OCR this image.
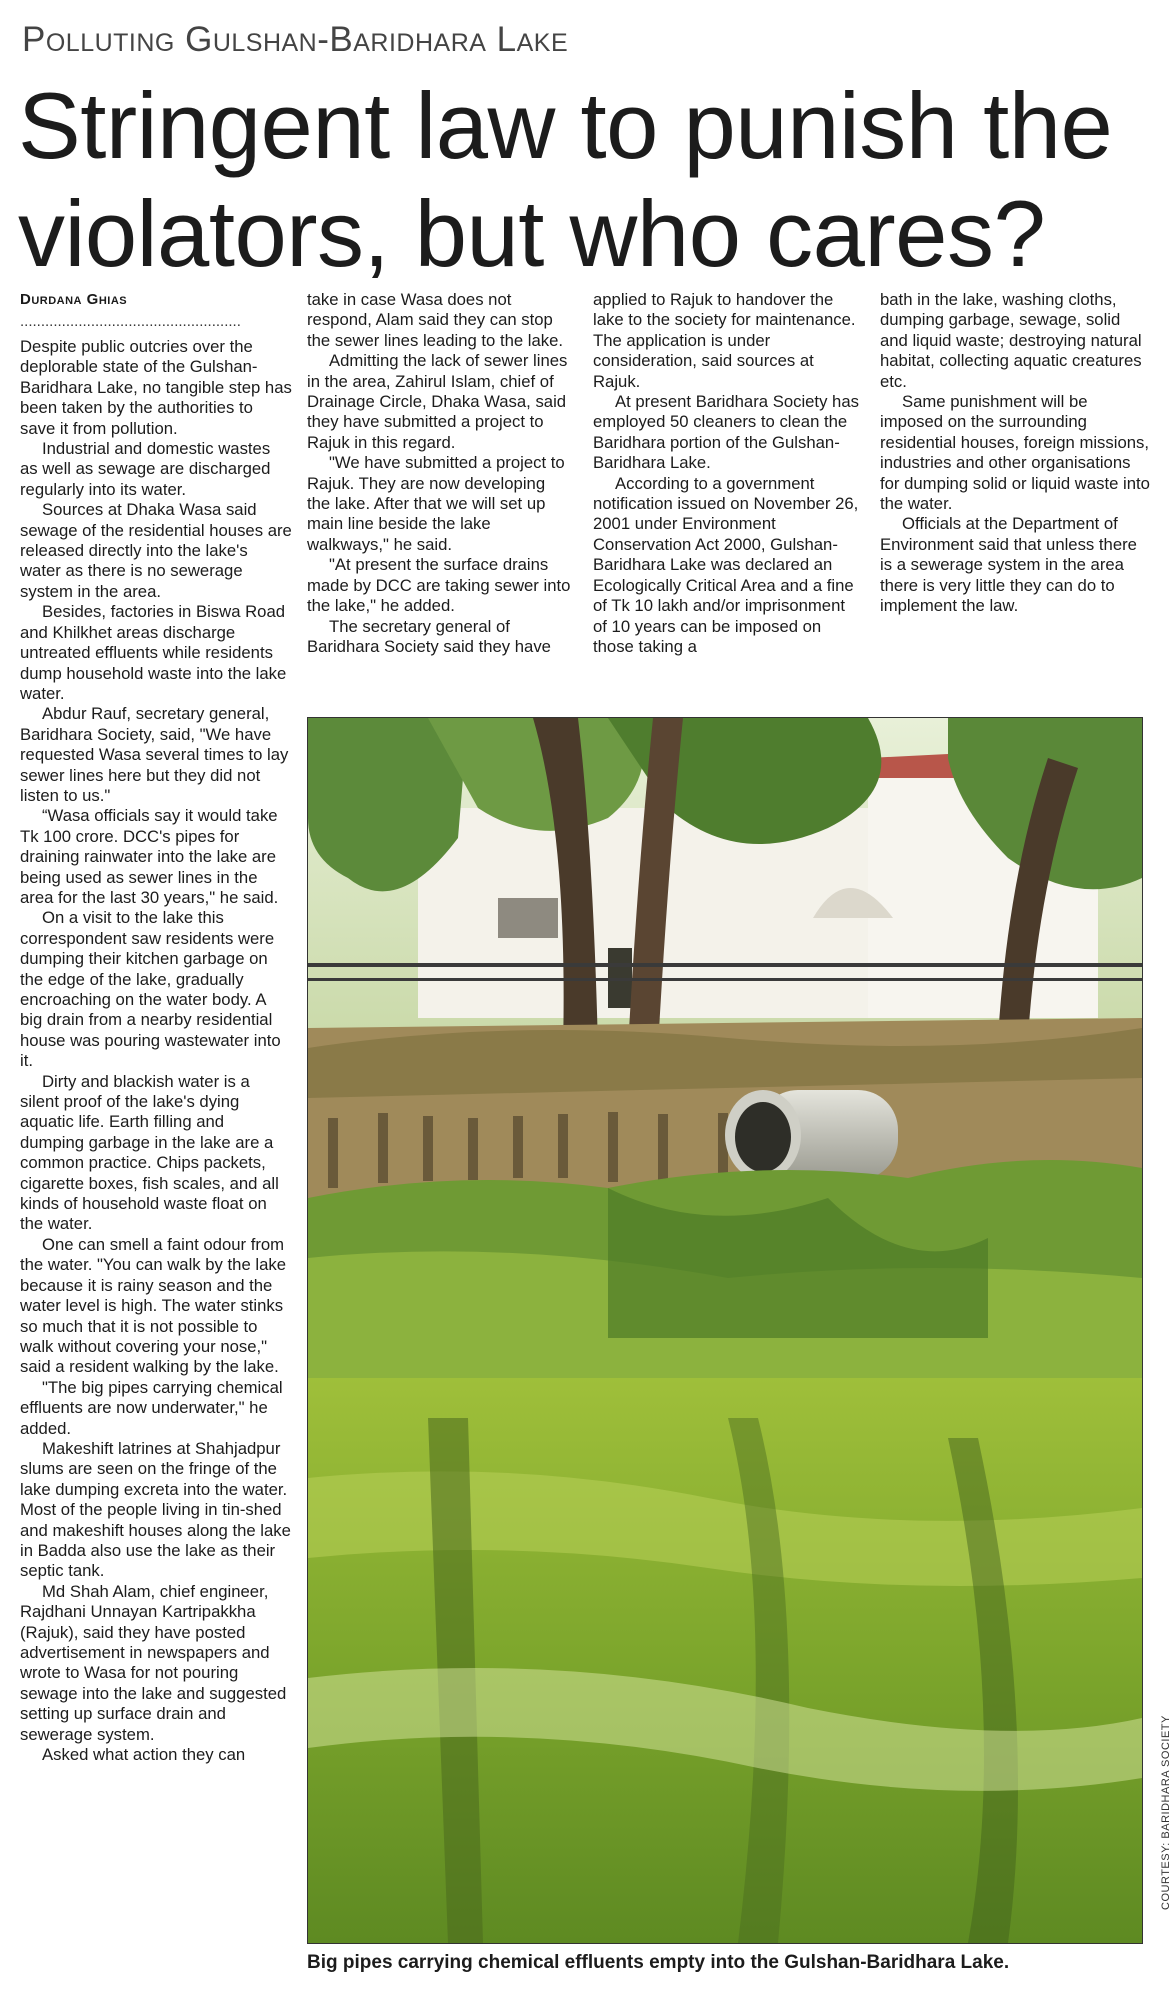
Polluting Gulshan-Baridhara Lake
Stringent law to punish the violators, but who cares?
Durdana Ghias
.....................................................

Despite public outcries over the deplorable state of the Gulshan-Baridhara Lake, no tangible step has been taken by the authorities to save it from pollution.

Industrial and domestic wastes as well as sewage are discharged regularly into its water.

Sources at Dhaka Wasa said sewage of the residential houses are released directly into the lake's water as there is no sewerage system in the area.

Besides, factories in Biswa Road and Khilkhet areas discharge untreated effluents while residents dump household waste into the lake water.

Abdur Rauf, secretary general, Baridhara Society, said, "We have requested Wasa several times to lay sewer lines here but they did not listen to us."

“Wasa officials say it would take Tk 100 crore. DCC's pipes for draining rainwater into the lake are being used as sewer lines in the area for the last 30 years," he said.

On a visit to the lake this correspondent saw residents were dumping their kitchen garbage on the edge of the lake, gradually encroaching on the water body. A big drain from a nearby residential house was pouring wastewater into it.

Dirty and blackish water is a silent proof of the lake's dying aquatic life. Earth filling and dumping garbage in the lake are a common practice. Chips packets, cigarette boxes, fish scales, and all kinds of household waste float on the water.

One can smell a faint odour from the water. "You can walk by the lake because it is rainy season and the water level is high. The water stinks so much that it is not possible to walk without covering your nose," said a resident walking by the lake.

"The big pipes carrying chemical effluents are now underwater," he added.

Makeshift latrines at Shahjadpur slums are seen on the fringe of the lake dumping excreta into the water. Most of the people living in tin-shed and makeshift houses along the lake in Badda also use the lake as their septic tank.

Md Shah Alam, chief engineer, Rajdhani Unnayan Kartripakkha (Rajuk), said they have posted advertisement in newspapers and wrote to Wasa for not pouring sewage into the lake and suggested setting up surface drain and sewerage system.

Asked what action they can

take in case Wasa does not respond, Alam said they can stop the sewer lines leading to the lake.

Admitting the lack of sewer lines in the area, Zahirul Islam, chief of Drainage Circle, Dhaka Wasa, said they have submitted a project to Rajuk in this regard.

"We have submitted a project to Rajuk. They are now developing the lake. After that we will set up main line beside the lake walkways," he said.

"At present the surface drains made by DCC are taking sewer into the lake," he added.

The secretary general of Baridhara Society said they have

applied to Rajuk to handover the lake to the society for maintenance. The application is under consideration, said sources at Rajuk.

At present Baridhara Society has employed 50 cleaners to clean the Baridhara portion of the Gulshan-Baridhara Lake.

According to a government notification issued on November 26, 2001 under Environment Conservation Act 2000, Gulshan-Baridhara Lake was declared an Ecologically Critical Area and a fine of Tk 10 lakh and/or imprisonment of 10 years can be imposed on those taking a

bath in the lake, washing cloths, dumping garbage, sewage, solid and liquid waste; destroying natural habitat, collecting aquatic creatures etc.

Same punishment will be imposed on the surrounding residential houses, foreign missions, industries and other organisations for dumping solid or liquid waste into the water.

Officials at the Department of Environment said that unless there is a sewerage system in the area there is very little they can do to implement the law.

COURTESY: BARIDHARA SOCIETY
Big pipes carrying chemical effluents empty into the Gulshan-Baridhara Lake.
